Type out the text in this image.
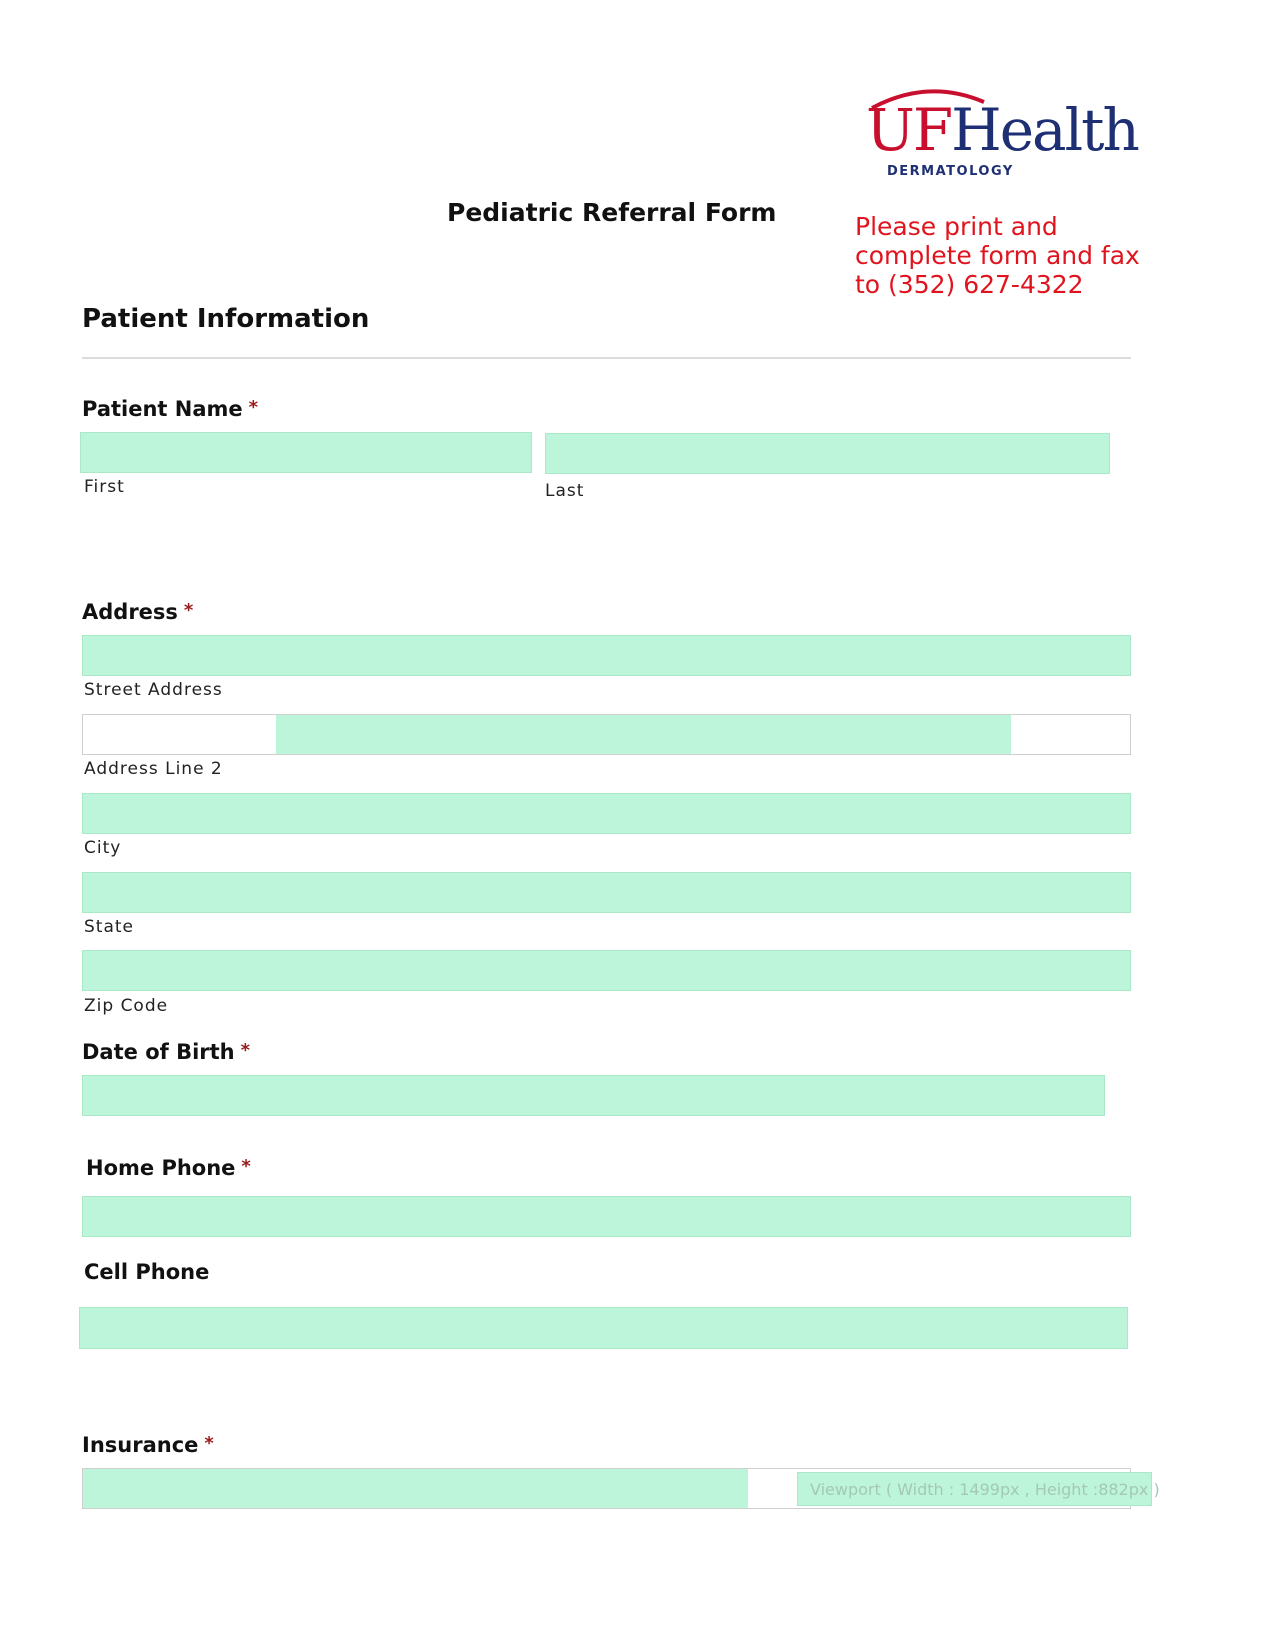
UFHealth
DERMATOLOGY
Pediatric Referral Form	Please print and complete form and fax to (352) 627-4322
Patient Information
Patient Name *
First	Last
Address *
Street Address
Address Line 2
City
State
Zip Code
Date of Birth *
Home Phone *
Cell Phone
Insurance *
Viewport ( Width : 1499px , Height :882px )
